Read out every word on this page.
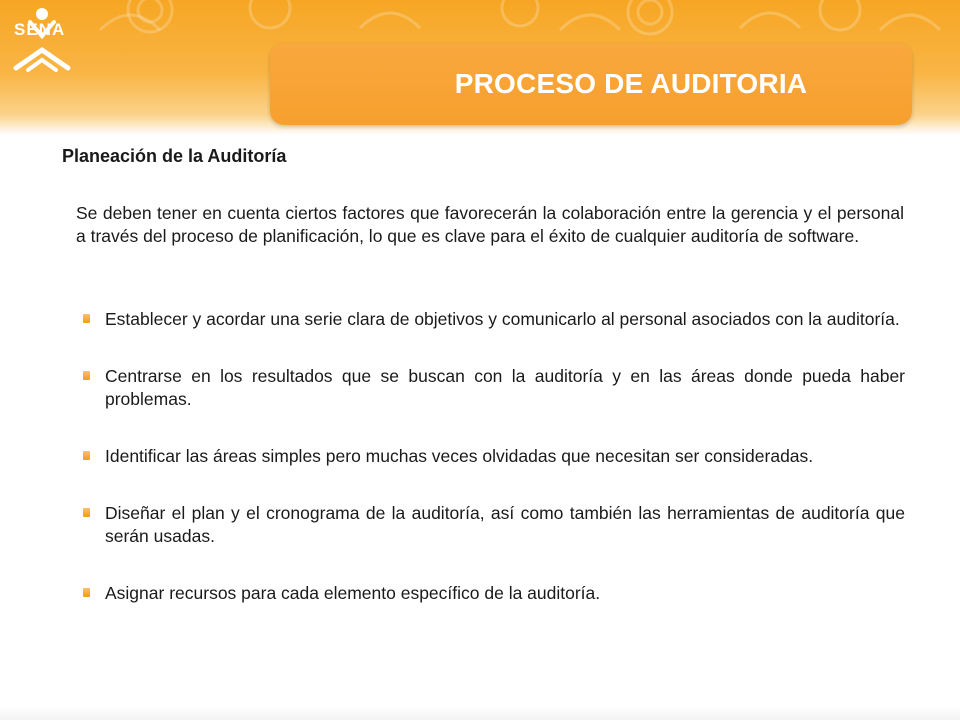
SENA
PROCESO DE AUDITORIA
Planeación de la Auditoría
Se deben tener en cuenta ciertos factores que favorecerán la colaboración entre la gerencia y el personal a través del proceso de planificación, lo que es clave para el éxito de cualquier auditoría de software.
Establecer y acordar una serie clara de objetivos y comunicarlo al personal asociados con la auditoría.
Centrarse en los resultados que se buscan con la auditoría y en las áreas donde pueda haber problemas.
Identificar las áreas simples pero muchas veces olvidadas que necesitan ser consideradas.
Diseñar el plan y el cronograma de la auditoría, así como también las herramientas de auditoría que serán usadas.
Asignar recursos para cada elemento específico de la auditoría.
